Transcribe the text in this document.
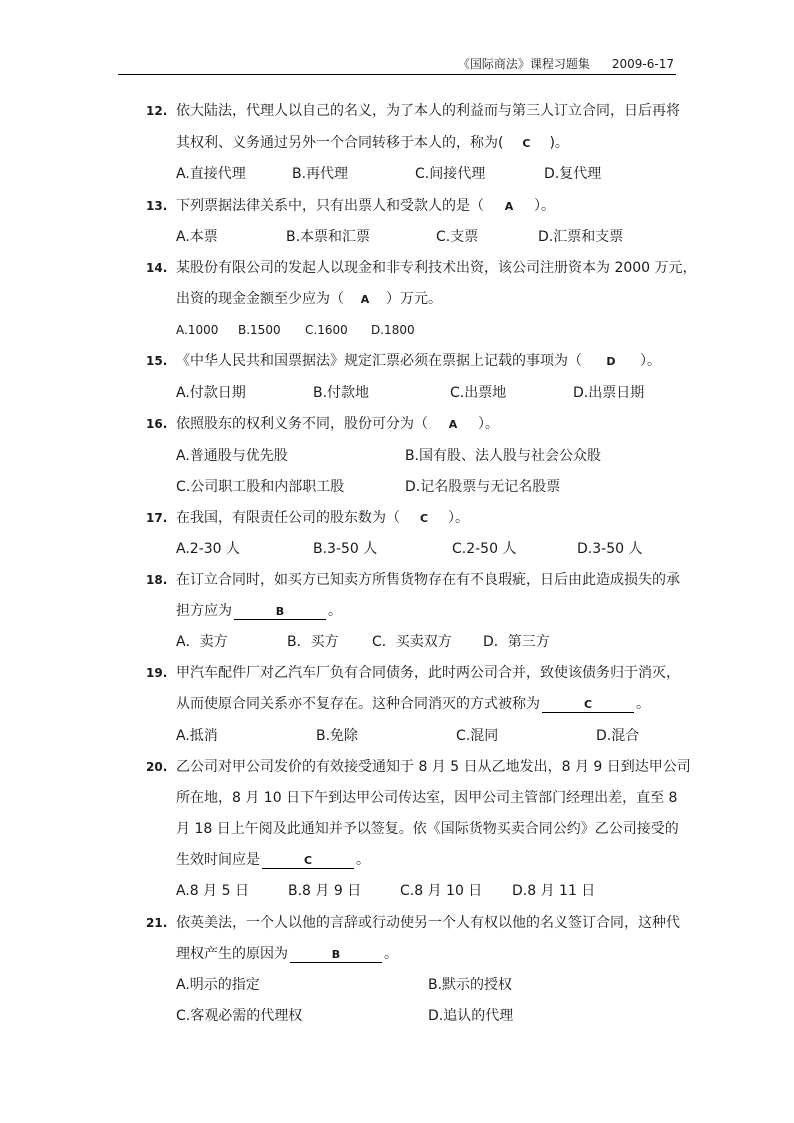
《国际商法》课程习题集 2009-6-17
12. 依大陆法，代理人以自己的名义，为了本人的利益而与第三人订立合同，日后再将
其权利、义务通过另外一个合同转移于本人的，称为( C )。
A.直接代理	B.再代理	C.间接代理	D.复代理
13. 下列票据法律关系中，只有出票人和受款人的是（ A ）。
A.本票	B.本票和汇票	C.支票	D.汇票和支票
14. 某股份有限公司的发起人以现金和非专利技术出资，该公司注册资本为 2000 万元，
出资的现金金额至少应为（ A ）万元。
A.1000 B.1500 C.1600 D.1800
15. 《中华人民共和国票据法》规定汇票必须在票据上记载的事项为（ D ）。
A.付款日期	B.付款地	C.出票地	D.出票日期
16. 依照股东的权利义务不同，股份可分为（ A ）。
A.普通股与优先股	B.国有股、法人股与社会公众股
C.公司职工股和内部职工股	D.记名股票与无记名股票
17. 在我国，有限责任公司的股东数为（ C ）。
A.2-30 人	B.3-50 人	C.2-50 人	D.3-50 人
18. 在订立合同时，如买方已知卖方所售货物存在有不良瑕疵，日后由此造成损失的承
担方应为	B	。
A．卖方	B．买方 C．买卖双方 D．第三方
19. 甲汽车配件厂对乙汽车厂负有合同债务，此时两公司合并，致使该债务归于消灭，
从而使原合同关系亦不复存在。这种合同消灭的方式被称为	C	。
A.抵消	B.免除	C.混同	D.混合
20. 乙公司对甲公司发价的有效接受通知于 8 月 5 日从乙地发出，8 月 9 日到达甲公司
所在地，8 月 10 日下午到达甲公司传达室，因甲公司主管部门经理出差，直至 8
月 18 日上午阅及此通知并予以签复。依《国际货物买卖合同公约》乙公司接受的
生效时间应是	C	。
A.8 月 5 日	B.8 月 9 日	C.8 月 10 日 D.8 月 11 日
21. 依英美法，一个人以他的言辞或行动使另一个人有权以他的名义签订合同，这种代
理权产生的原因为	B	。
A.明示的指定	B.默示的授权
C.客观必需的代理权	D.追认的代理
